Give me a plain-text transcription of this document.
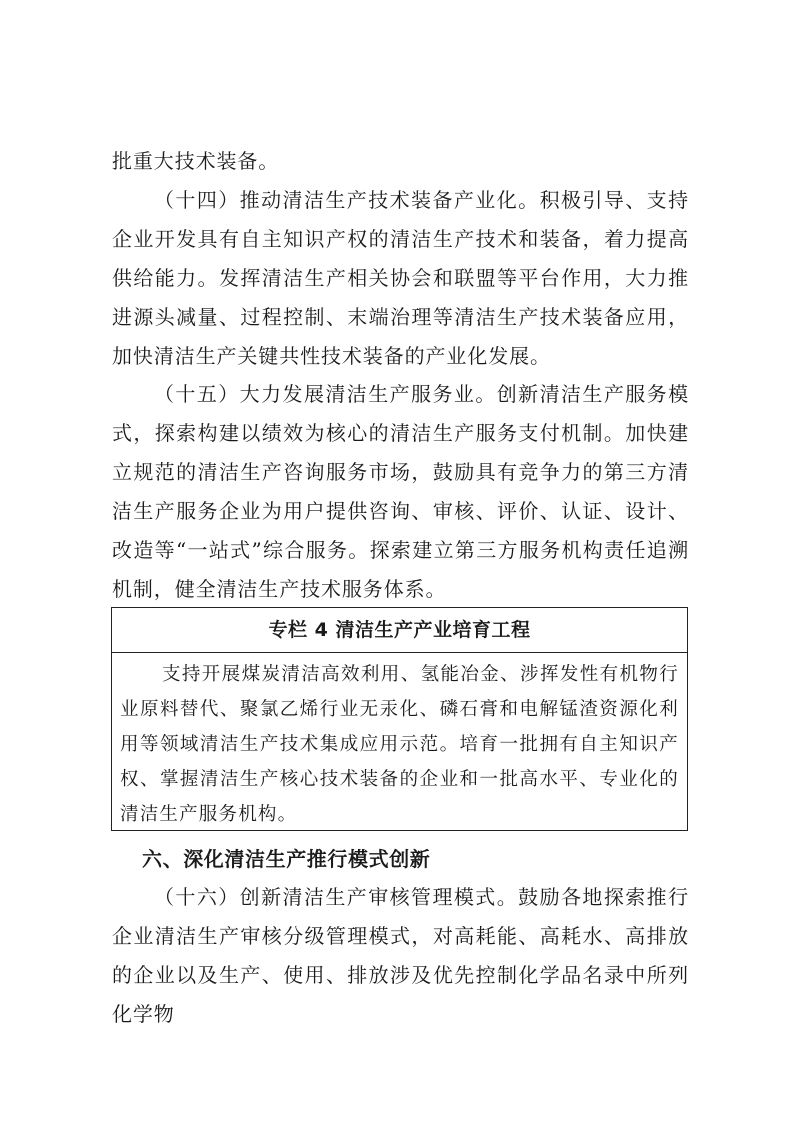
批重大技术装备。

（十四）推动清洁生产技术装备产业化。积极引导、支持企业开发具有自主知识产权的清洁生产技术和装备，着力提高供给能力。发挥清洁生产相关协会和联盟等平台作用，大力推进源头减量、过程控制、末端治理等清洁生产技术装备应用，加快清洁生产关键共性技术装备的产业化发展。

（十五）大力发展清洁生产服务业。创新清洁生产服务模式，探索构建以绩效为核心的清洁生产服务支付机制。加快建立规范的清洁生产咨询服务市场，鼓励具有竞争力的第三方清洁生产服务企业为用户提供咨询、审核、评价、认证、设计、改造等“一站式”综合服务。探索建立第三方服务机构责任追溯机制，健全清洁生产技术服务体系。

专栏 4 清洁生产产业培育工程
支持开展煤炭清洁高效利用、氢能冶金、涉挥发性有机物行业原料替代、聚氯乙烯行业无汞化、磷石膏和电解锰渣资源化利用等领域清洁生产技术集成应用示范。培育一批拥有自主知识产权、掌握清洁生产核心技术装备的企业和一批高水平、专业化的清洁生产服务机构。
六、深化清洁生产推行模式创新

（十六）创新清洁生产审核管理模式。鼓励各地探索推行企业清洁生产审核分级管理模式，对高耗能、高耗水、高排放的企业以及生产、使用、排放涉及优先控制化学品名录中所列化学物
